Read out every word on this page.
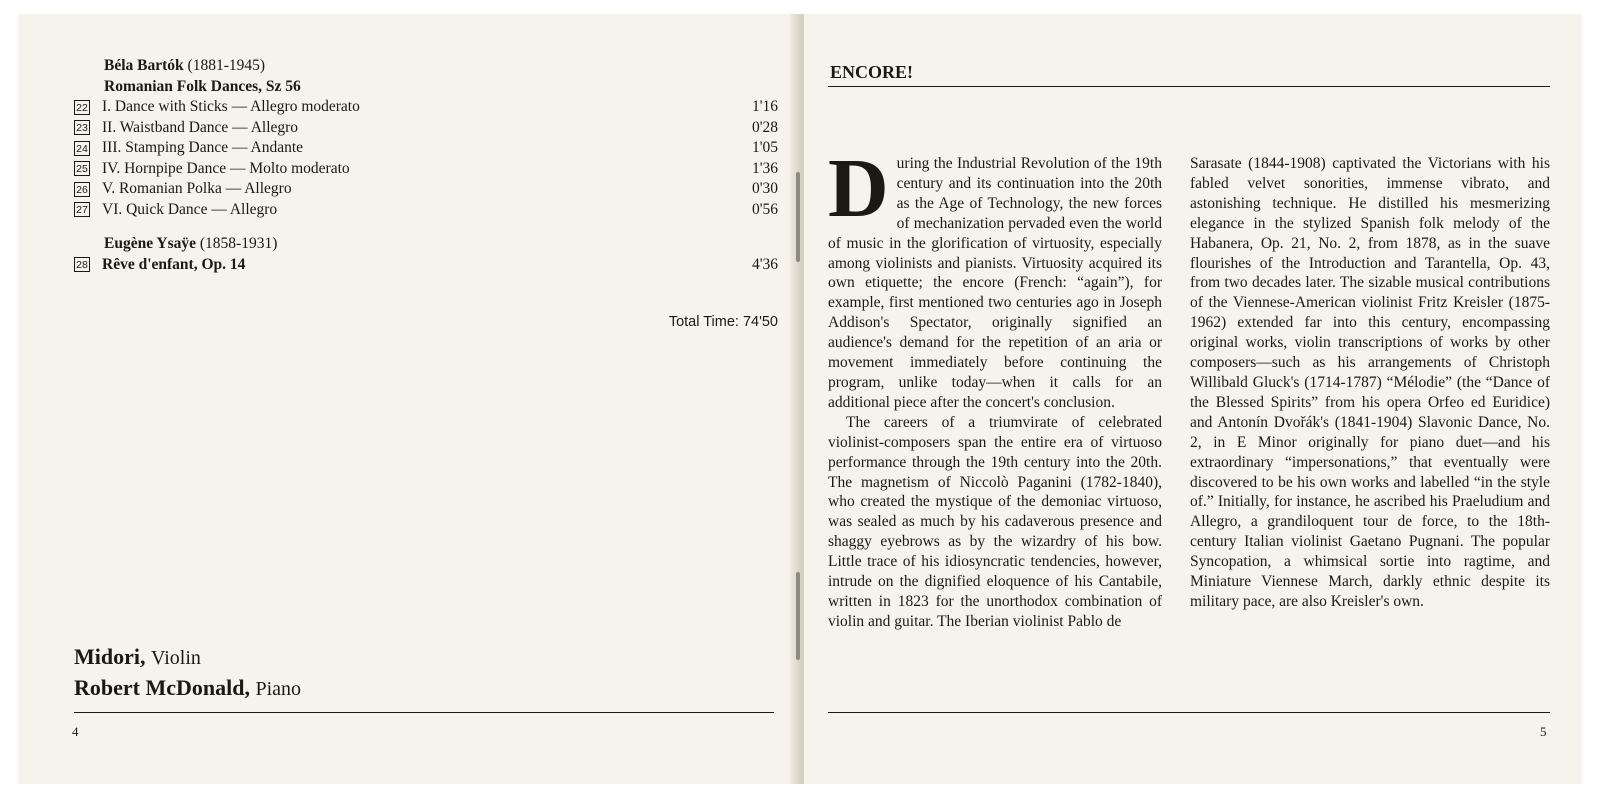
Béla Bartók (1881-1945)
Romanian Folk Dances, Sz 56
22 I. Dance with Sticks — Allegro moderato	1'16
23 II. Waistband Dance — Allegro	0'28
24 III. Stamping Dance — Andante	1'05
25 IV. Hornpipe Dance — Molto moderato	1'36
26 V. Romanian Polka — Allegro	0'30
27 VI. Quick Dance — Allegro	0'56
Eugène Ysaÿe (1858-1931)
28 Rêve d'enfant, Op. 14	4'36
Total Time: 74'50
Midori, Violin
Robert McDonald, Piano
4
ENCORE!

During the Industrial Revolution of the 19th century and its continuation into the 20th as the Age of Technology, the new forces of mechanization pervaded even the world of music in the glorification of virtuosity, especially among violinists and pianists. Virtuosity acquired its own etiquette; the encore (French: “again”), for example, first mentioned two centuries ago in Joseph Addison's Spectator, originally signified an audience's demand for the repetition of an aria or movement immediately before continuing the program, unlike today—when it calls for an additional piece after the concert's conclusion.

The careers of a triumvirate of celebrated violinist-composers span the entire era of virtuoso performance through the 19th century into the 20th. The magnetism of Niccolò Paganini (1782-1840), who created the mystique of the demoniac virtuoso, was sealed as much by his cadaverous presence and shaggy eyebrows as by the wizardry of his bow. Little trace of his idiosyncratic tendencies, however, intrude on the dignified eloquence of his Cantabile, written in 1823 for the unorthodox combination of violin and guitar. The Iberian violinist Pablo de

Sarasate (1844-1908) captivated the Victorians with his fabled velvet sonorities, immense vibrato, and astonishing technique. He distilled his mesmerizing elegance in the stylized Spanish folk melody of the Habanera, Op. 21, No. 2, from 1878, as in the suave flourishes of the Introduction and Tarantella, Op. 43, from two decades later. The sizable musical contributions of the Viennese-American violinist Fritz Kreisler (1875-1962) extended far into this century, encompassing original works, violin transcriptions of works by other composers—such as his arrangements of Christoph Willibald Gluck's (1714-1787) “Mélodie” (the “Dance of the Blessed Spirits” from his opera Orfeo ed Euridice) and Antonín Dvořák's (1841-1904) Slavonic Dance, No. 2, in E Minor originally for piano duet—and his extraordinary “impersonations,” that eventually were discovered to be his own works and labelled “in the style of.” Initially, for instance, he ascribed his Praeludium and Allegro, a grandiloquent tour de force, to the 18th-century Italian violinist Gaetano Pugnani. The popular Syncopation, a whimsical sortie into ragtime, and Miniature Viennese March, darkly ethnic despite its military pace, are also Kreisler's own.

5
